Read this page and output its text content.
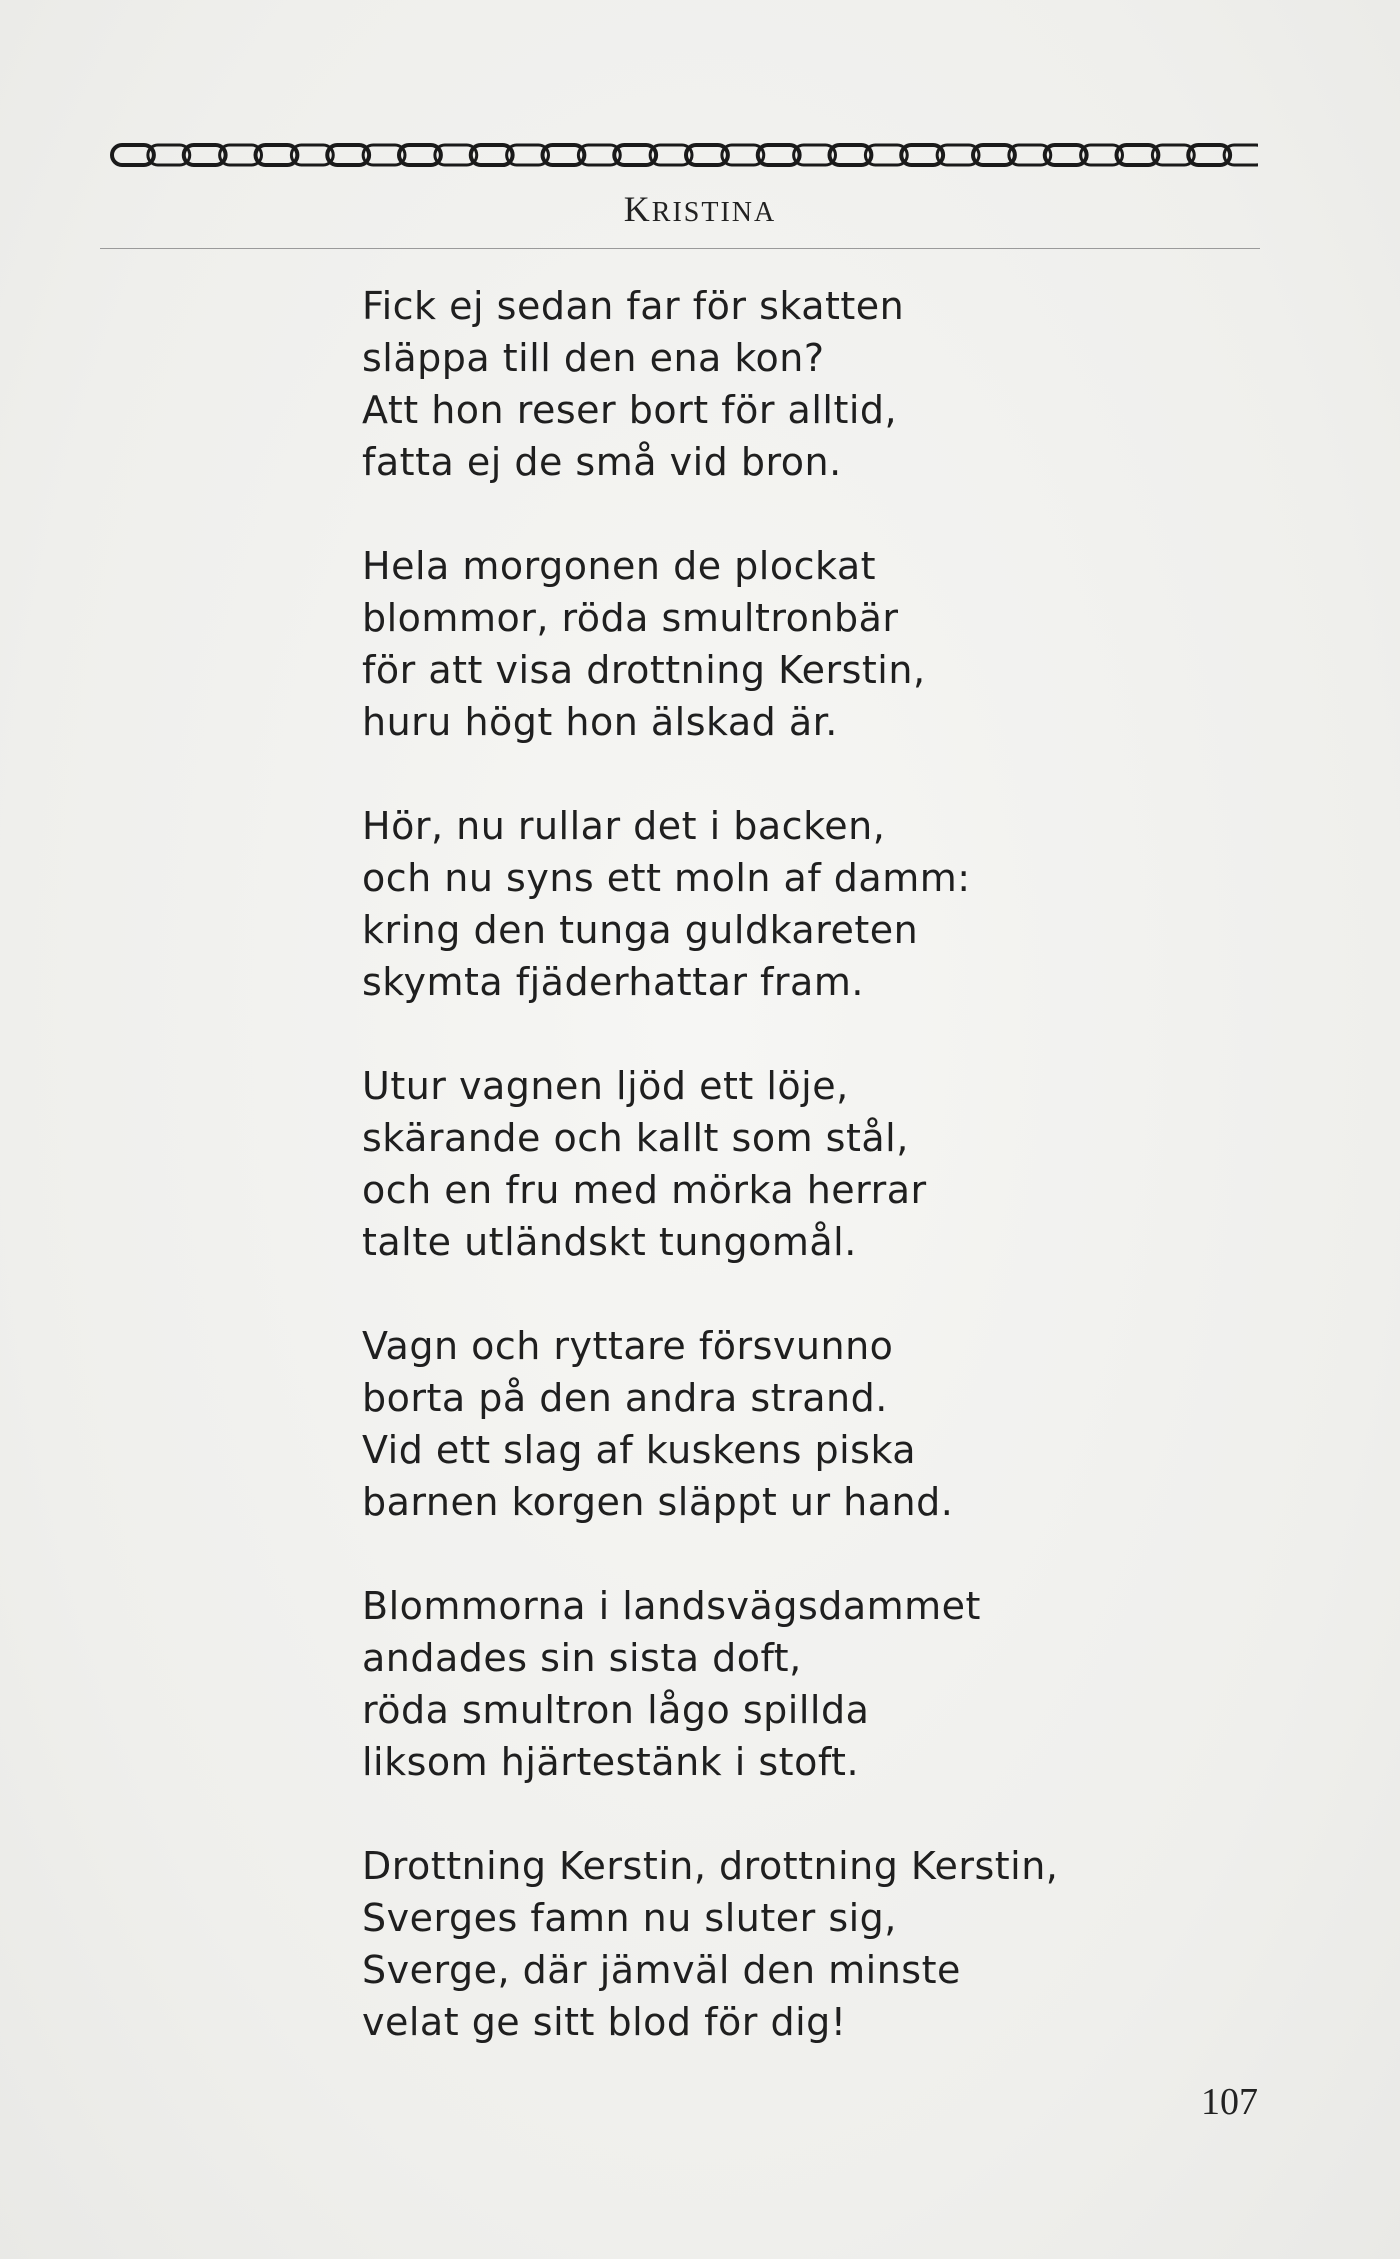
KRISTINA
Fick ej sedan far för skatten
släppa till den ena kon?
Att hon reser bort för alltid,
fatta ej de små vid bron.
Hela morgonen de plockat
blommor, röda smultronbär
för att visa drottning Kerstin,
huru högt hon älskad är.
Hör, nu rullar det i backen,
och nu syns ett moln af damm:
kring den tunga guldkareten
skymta fjäderhattar fram.
Utur vagnen ljöd ett löje,
skärande och kallt som stål,
och en fru med mörka herrar
talte utländskt tungomål.
Vagn och ryttare försvunno
borta på den andra strand.
Vid ett slag af kuskens piska
barnen korgen släppt ur hand.
Blommorna i landsvägsdammet
andades sin sista doft,
röda smultron lågo spillda
liksom hjärtestänk i stoft.
Drottning Kerstin, drottning Kerstin,
Sverges famn nu sluter sig,
Sverge, där jämväl den minste
velat ge sitt blod för dig!
107
